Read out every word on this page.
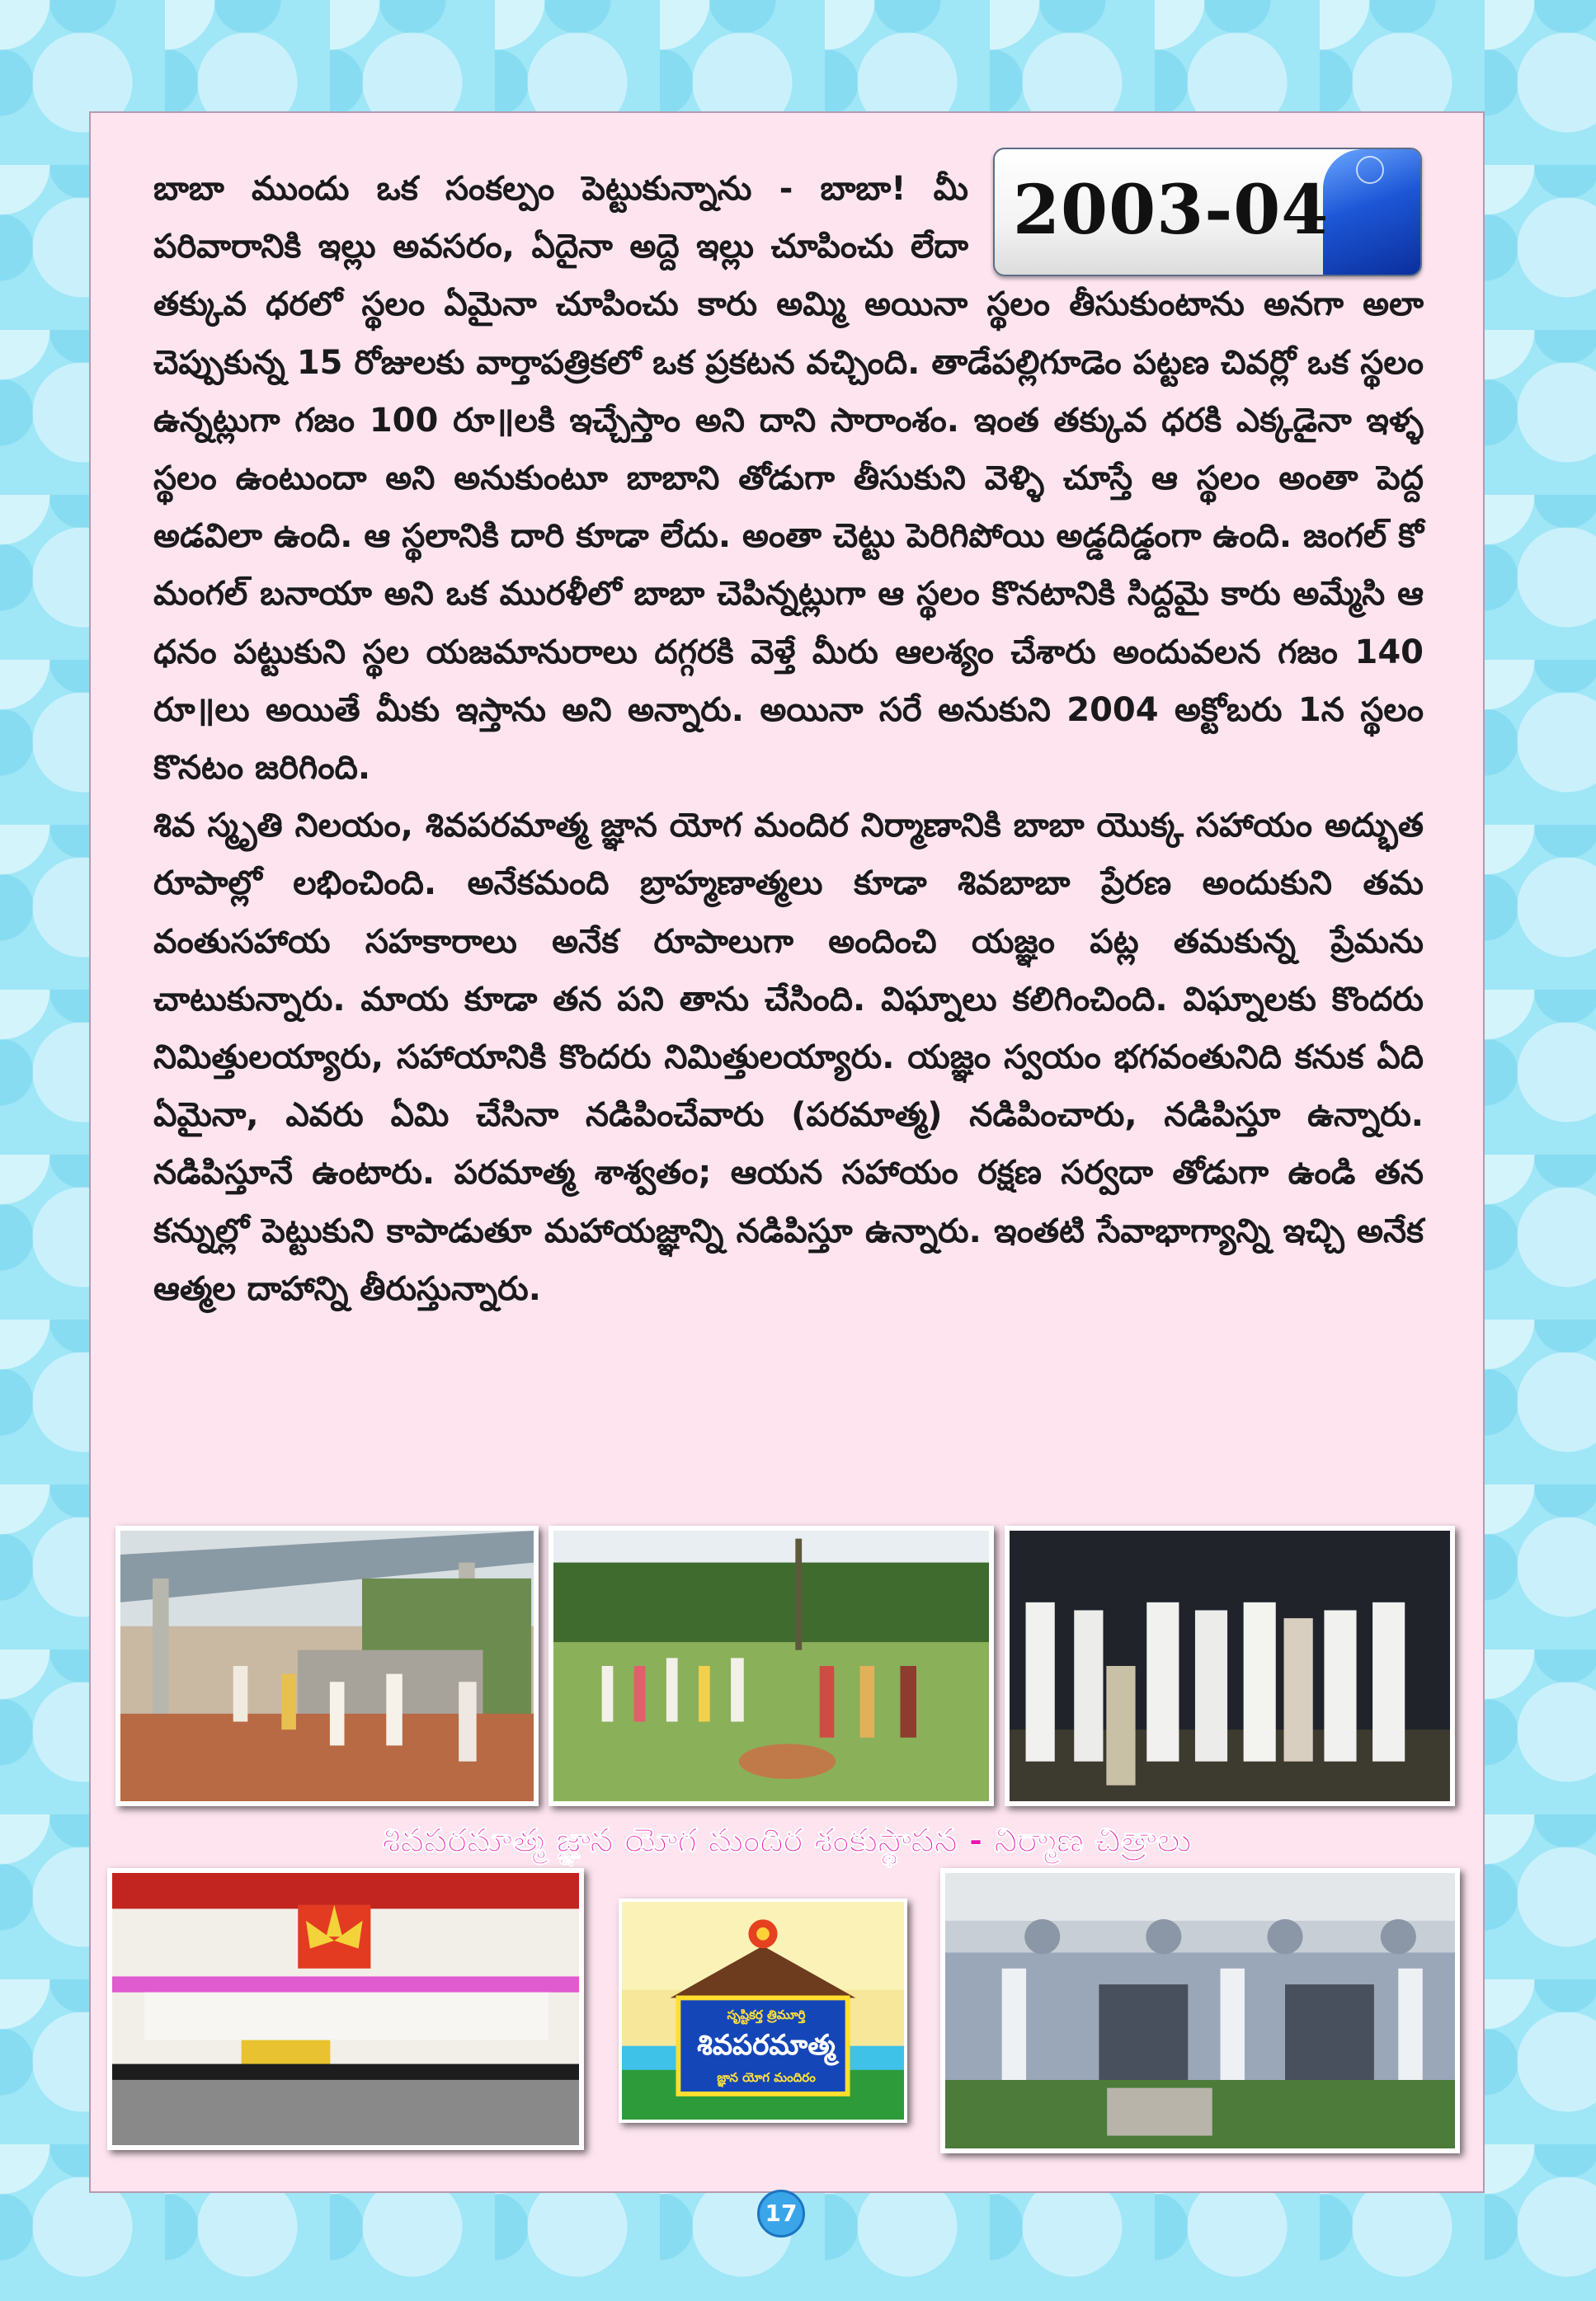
2003-04
బాబా ముందు ఒక సంకల్పం పెట్టుకున్నాను - బాబా! మీ పరివారానికి ఇల్లు అవసరం, ఏదైనా అద్దె ఇల్లు చూపించు లేదా తక్కువ ధరలో స్థలం ఏమైనా చూపించు కారు అమ్మి అయినా స్థలం తీసుకుంటాను అనగా అలా చెప్పుకున్న 15 రోజులకు వార్తాపత్రికలో ఒక ప్రకటన వచ్చింది. తాడేపల్లిగూడెం పట్టణ చివర్లో ఒక స్థలం ఉన్నట్లుగా గజం 100 రూ॥లకి ఇచ్చేస్తాం అని దాని సారాంశం. ఇంత తక్కువ ధరకి ఎక్కడైనా ఇళ్ళ స్థలం ఉంటుందా అని అనుకుంటూ బాబాని తోడుగా తీసుకుని వెళ్ళి చూస్తే ఆ స్థలం అంతా పెద్ద అడవిలా ఉంది. ఆ స్థలానికి దారి కూడా లేదు. అంతా చెట్టు పెరిగిపోయి అడ్డదిడ్డంగా ఉంది. జంగల్ కో మంగల్ బనాయా అని ఒక మురళీలో బాబా చెపిన్నట్లుగా ఆ స్థలం కొనటానికి సిద్దమై కారు అమ్మేసి ఆ ధనం పట్టుకుని స్థల యజమానురాలు దగ్గరకి వెళ్తే మీరు ఆలశ్యం చేశారు అందువలన గజం 140 రూ॥లు అయితే మీకు ఇస్తాను అని అన్నారు. అయినా సరే అనుకుని 2004 అక్టోబరు 1న స్థలం కొనటం జరిగింది.
శివ స్మృతి నిలయం, శివపరమాత్మ జ్ఞాన యోగ మందిర నిర్మాణానికి బాబా యొక్క సహాయం అద్భుత రూపాల్లో లభించింది. అనేకమంది బ్రాహ్మణాత్మలు కూడా శివబాబా ప్రేరణ అందుకుని తమ వంతుసహాయ సహకారాలు అనేక రూపాలుగా అందించి యజ్ఞం పట్ల తమకున్న ప్రేమను చాటుకున్నారు. మాయ కూడా తన పని తాను చేసింది. విఘ్నాలు కలిగించింది. విఘ్నాలకు కొందరు నిమిత్తులయ్యారు, సహాయానికి కొందరు నిమిత్తులయ్యారు. యజ్ఞం స్వయం భగవంతునిది కనుక ఏది ఏమైనా, ఎవరు ఏమి చేసినా నడిపించేవారు (పరమాత్మ) నడిపించారు, నడిపిస్తూ ఉన్నారు. నడిపిస్తూనే ఉంటారు. పరమాత్మ శాశ్వతం; ఆయన సహాయం రక్షణ సర్వదా తోడుగా ఉండి తన కన్నుల్లో పెట్టుకుని కాపాడుతూ మహాయజ్ఞాన్ని నడిపిస్తూ ఉన్నారు. ఇంతటి సేవాభాగ్యాన్ని ఇచ్చి అనేక ఆత్మల దాహాన్ని తీరుస్తున్నారు.
శివపరమాత్మ జ్ఞాన యోగ మందిర శంకుస్థాపన - నిర్మాణ చిత్రాలు
సృష్టికర్త త్రిమూర్తి
శివపరమాత్మ
జ్ఞాన యోగ మందిరం
17
